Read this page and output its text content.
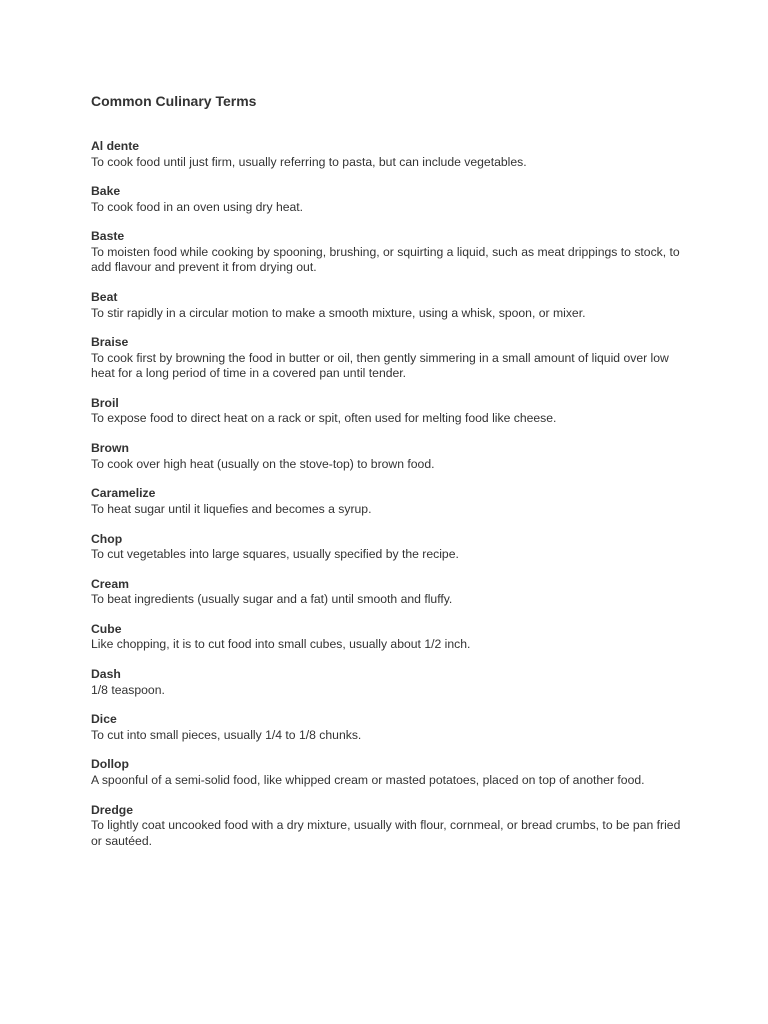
Common Culinary Terms
Al dente
To cook food until just firm, usually referring to pasta, but can include vegetables.
Bake
To cook food in an oven using dry heat.
Baste
To moisten food while cooking by spooning, brushing, or squirting a liquid, such as meat drippings to stock, to add flavour and prevent it from drying out.
Beat
To stir rapidly in a circular motion to make a smooth mixture, using a whisk, spoon, or mixer.
Braise
To cook first by browning the food in butter or oil, then gently simmering in a small amount of liquid over low heat for a long period of time in a covered pan until tender.
Broil
To expose food to direct heat on a rack or spit, often used for melting food like cheese.
Brown
To cook over high heat (usually on the stove-top) to brown food.
Caramelize
To heat sugar until it liquefies and becomes a syrup.
Chop
To cut vegetables into large squares, usually specified by the recipe.
Cream
To beat ingredients (usually sugar and a fat) until smooth and fluffy.
Cube
Like chopping, it is to cut food into small cubes, usually about 1/2 inch.
Dash
1/8 teaspoon.
Dice
To cut into small pieces, usually 1/4 to 1/8 chunks.
Dollop
A spoonful of a semi-solid food, like whipped cream or masted potatoes, placed on top of another food.
Dredge
To lightly coat uncooked food with a dry mixture, usually with flour, cornmeal, or bread crumbs, to be pan fried or sautéed.
